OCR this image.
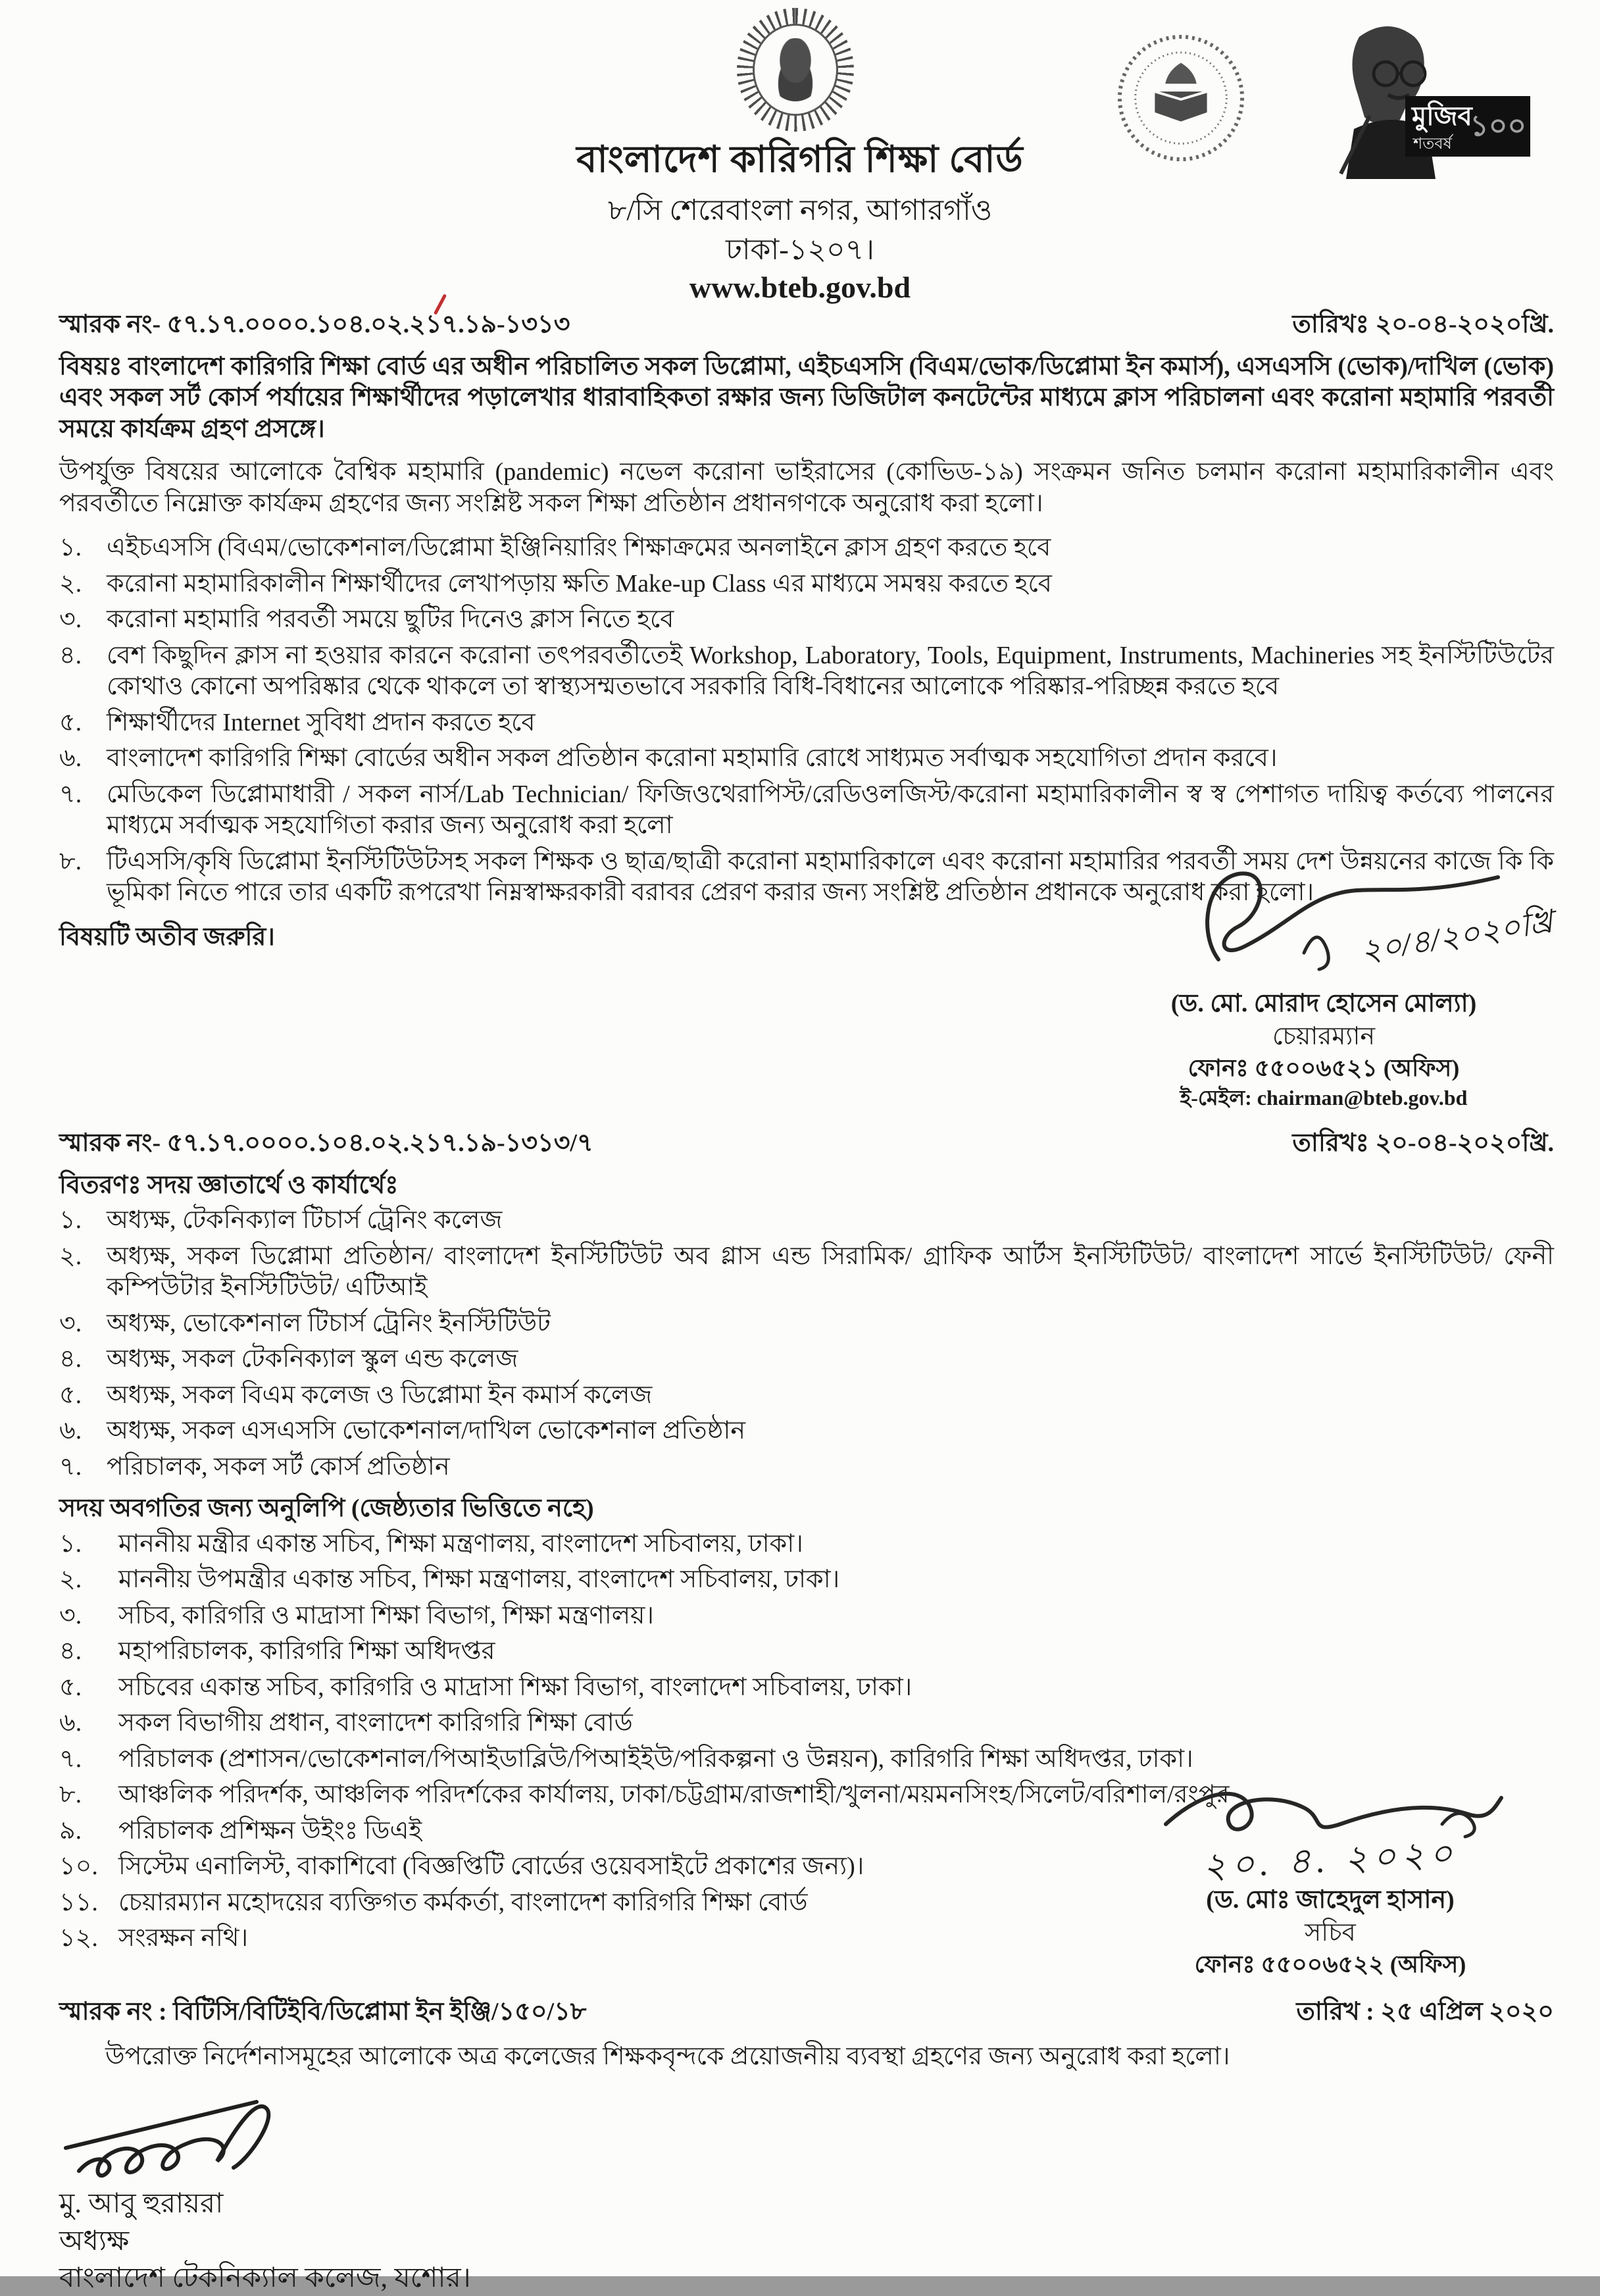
বাংলাদেশ কারিগরি শিক্ষা বোর্ড
৮/সি শেরেবাংলা নগর, আগারগাঁও
ঢাকা-১২০৭।
www.bteb.gov.bd
মুজিব
১০০
শতবর্ষ
স্মারক নং- ৫৭.১৭.০০০০.১০৪.০২.২১৭.১৯-১৩১৩	তারিখঃ ২০-০৪-২০২০খ্রি.
বিষয়ঃ বাংলাদেশ কারিগরি শিক্ষা বোর্ড এর অধীন পরিচালিত সকল ডিপ্লোমা, এইচএসসি (বিএম/ভোক/ডিপ্লোমা ইন কমার্স), এসএসসি (ভোক)/দাখিল (ভোক) এবং সকল সর্ট কোর্স পর্যায়ের শিক্ষার্থীদের পড়ালেখার ধারাবাহিকতা রক্ষার জন্য ডিজিটাল কনটেন্টের মাধ্যমে ক্লাস পরিচালনা এবং করোনা মহামারি পরবর্তী সময়ে কার্যক্রম গ্রহণ প্রসঙ্গে।
উপর্যুক্ত বিষয়ের আলোকে বৈশ্বিক মহামারি (pandemic) নভেল করোনা ভাইরাসের (কোভিড-১৯) সংক্রমন জনিত চলমান করোনা মহামারিকালীন এবং পরবর্তীতে নিম্নোক্ত কার্যক্রম গ্রহণের জন্য সংশ্লিষ্ট সকল শিক্ষা প্রতিষ্ঠান প্রধানগণকে অনুরোধ করা হলো।
১. এইচএসসি (বিএম/ভোকেশনাল/ডিপ্লোমা ইঞ্জিনিয়ারিং শিক্ষাক্রমের অনলাইনে ক্লাস গ্রহণ করতে হবে
২. করোনা মহামারিকালীন শিক্ষার্থীদের লেখাপড়ায় ক্ষতি Make-up Class এর মাধ্যমে সমন্বয় করতে হবে
৩. করোনা মহামারি পরবর্তী সময়ে ছুটির দিনেও ক্লাস নিতে হবে
৪. বেশ কিছুদিন ক্লাস না হওয়ার কারনে করোনা তৎপরবর্তীতেই Workshop, Laboratory, Tools, Equipment, Instruments, Machineries সহ ইনস্টিটিউটের কোথাও কোনো অপরিষ্কার থেকে থাকলে তা স্বাস্থ্যসম্মতভাবে সরকারি বিধি-বিধানের আলোকে পরিষ্কার-পরিচ্ছন্ন করতে হবে
৫. শিক্ষার্থীদের Internet সুবিধা প্রদান করতে হবে
৬. বাংলাদেশ কারিগরি শিক্ষা বোর্ডের অধীন সকল প্রতিষ্ঠান করোনা মহামারি রোধে সাধ্যমত সর্বাত্মক সহযোগিতা প্রদান করবে।
৭. মেডিকেল ডিপ্লোমাধারী / সকল নার্স/Lab Technician/ ফিজিওথেরাপিস্ট/রেডিওলজিস্ট/করোনা মহামারিকালীন স্ব স্ব পেশাগত দায়িত্ব কর্তব্যে পালনের মাধ্যমে সর্বাত্মক সহযোগিতা করার জন্য অনুরোধ করা হলো
৮. টিএসসি/কৃষি ডিপ্লোমা ইনস্টিটিউটসহ সকল শিক্ষক ও ছাত্র/ছাত্রী করোনা মহামারিকালে এবং করোনা মহামারির পরবর্তী সময় দেশ উন্নয়নের কাজে কি কি ভূমিকা নিতে পারে তার একটি রূপরেখা নিম্নস্বাক্ষরকারী বরাবর প্রেরণ করার জন্য সংশ্লিষ্ট প্রতিষ্ঠান প্রধানকে অনুরোধ করা হলো।
বিষয়টি অতীব জরুরি।	২০/৪/২০২০খ্রি
(ড. মো. মোরাদ হোসেন মোল্যা)
চেয়ারম্যান
ফোনঃ ৫৫০০৬৫২১ (অফিস)
ই-মেইল: chairman@bteb.gov.bd
স্মারক নং- ৫৭.১৭.০০০০.১০৪.০২.২১৭.১৯-১৩১৩/৭	তারিখঃ ২০-০৪-২০২০খ্রি.
বিতরণঃ সদয় জ্ঞাতার্থে ও কার্যার্থেঃ
১. অধ্যক্ষ, টেকনিক্যাল টিচার্স ট্রেনিং কলেজ
২. অধ্যক্ষ, সকল ডিপ্লোমা প্রতিষ্ঠান/ বাংলাদেশ ইনস্টিটিউট অব গ্লাস এন্ড সিরামিক/ গ্রাফিক আর্টস ইনস্টিটিউট/ বাংলাদেশ সার্ভে ইনস্টিটিউট/ ফেনী কম্পিউটার ইনস্টিটিউট/ এটিআই
৩. অধ্যক্ষ, ভোকেশনাল টিচার্স ট্রেনিং ইনস্টিটিউট
৪. অধ্যক্ষ, সকল টেকনিক্যাল স্কুল এন্ড কলেজ
৫. অধ্যক্ষ, সকল বিএম কলেজ ও ডিপ্লোমা ইন কমার্স কলেজ
৬. অধ্যক্ষ, সকল এসএসসি ভোকেশনাল/দাখিল ভোকেশনাল প্রতিষ্ঠান
৭. পরিচালক, সকল সর্ট কোর্স প্রতিষ্ঠান
সদয় অবগতির জন্য অনুলিপি (জেষ্ঠ্যতার ভিত্তিতে নহে)
১.	মাননীয় মন্ত্রীর একান্ত সচিব, শিক্ষা মন্ত্রণালয়, বাংলাদেশ সচিবালয়, ঢাকা।
২.	মাননীয় উপমন্ত্রীর একান্ত সচিব, শিক্ষা মন্ত্রণালয়, বাংলাদেশ সচিবালয়, ঢাকা।
৩.	সচিব, কারিগরি ও মাদ্রাসা শিক্ষা বিভাগ, শিক্ষা মন্ত্রণালয়।
৪.	মহাপরিচালক, কারিগরি শিক্ষা অধিদপ্তর
৫.	সচিবের একান্ত সচিব, কারিগরি ও মাদ্রাসা শিক্ষা বিভাগ, বাংলাদেশ সচিবালয়, ঢাকা।
৬.	সকল বিভাগীয় প্রধান, বাংলাদেশ কারিগরি শিক্ষা বোর্ড
৭.	পরিচালক (প্রশাসন/ভোকেশনাল/পিআইডাব্লিউ/পিআইইউ/পরিকল্পনা ও উন্নয়ন), কারিগরি শিক্ষা অধিদপ্তর, ঢাকা।
৮.	আঞ্চলিক পরিদর্শক, আঞ্চলিক পরিদর্শকের কার্যালয়, ঢাকা/চট্টগ্রাম/রাজশাহী/খুলনা/ময়মনসিংহ/সিলেট/বরিশাল/রংপুর
৯.	পরিচালক প্রশিক্ষন উইংঃ ডিএই
১০. সিস্টেম এনালিস্ট, বাকাশিবো (বিজ্ঞপ্তিটি বোর্ডের ওয়েবসাইটে প্রকাশের জন্য)।
১১. চেয়ারম্যান মহোদয়ের ব্যক্তিগত কর্মকর্তা, বাংলাদেশ কারিগরি শিক্ষা বোর্ড
১২. সংরক্ষন নথি।
২০. ৪. ২০২০
(ড. মোঃ জাহেদুল হাসান)
সচিব
ফোনঃ ৫৫০০৬৫২২ (অফিস)
স্মারক নং : বিটিসি/বিটিইবি/ডিপ্লোমা ইন ইঞ্জি/১৫০/১৮	তারিখ : ২৫ এপ্রিল ২০২০
উপরোক্ত নির্দেশনাসমূহের আলোকে অত্র কলেজের শিক্ষকবৃন্দকে প্রয়োজনীয় ব্যবস্থা গ্রহণের জন্য অনুরোধ করা হলো।
মু. আবু হুরায়রা
অধ্যক্ষ
বাংলাদেশ টেকনিক্যাল কলেজ, যশোর।
